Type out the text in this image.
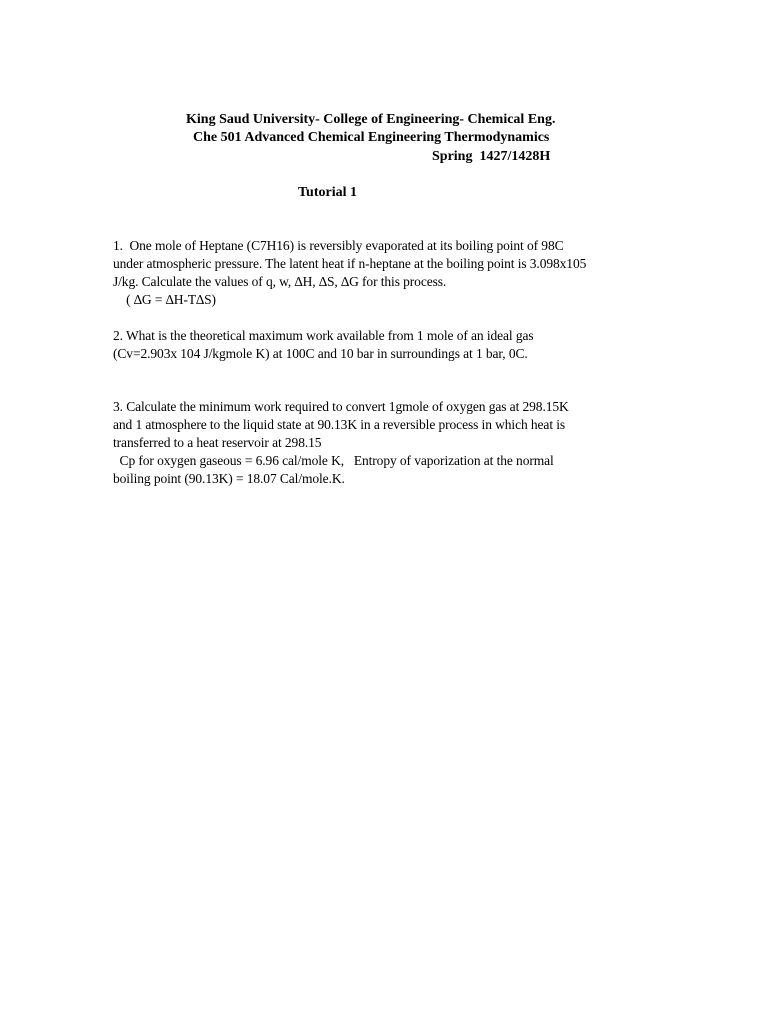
King Saud University- College of Engineering- Chemical Eng.
Che 501 Advanced Chemical Engineering Thermodynamics
Spring  1427/1428H
Tutorial 1
1.  One mole of Heptane (C7H16) is reversibly evaporated at its boiling point of 98C
under atmospheric pressure. The latent heat if n-heptane at the boiling point is 3.098x105
J/kg. Calculate the values of q, w, ∆H, ∆S, ∆G for this process.
( ∆G = ∆H-T∆S)
2. What is the theoretical maximum work available from 1 mole of an ideal gas
(Cv=2.903x 104 J/kgmole K) at 100C and 10 bar in surroundings at 1 bar, 0C.
3. Calculate the minimum work required to convert 1gmole of oxygen gas at 298.15K
and 1 atmosphere to the liquid state at 90.13K in a reversible process in which heat is
transferred to a heat reservoir at 298.15
Cp for oxygen gaseous = 6.96 cal/mole K,   Entropy of vaporization at the normal
boiling point (90.13K) = 18.07 Cal/mole.K.
